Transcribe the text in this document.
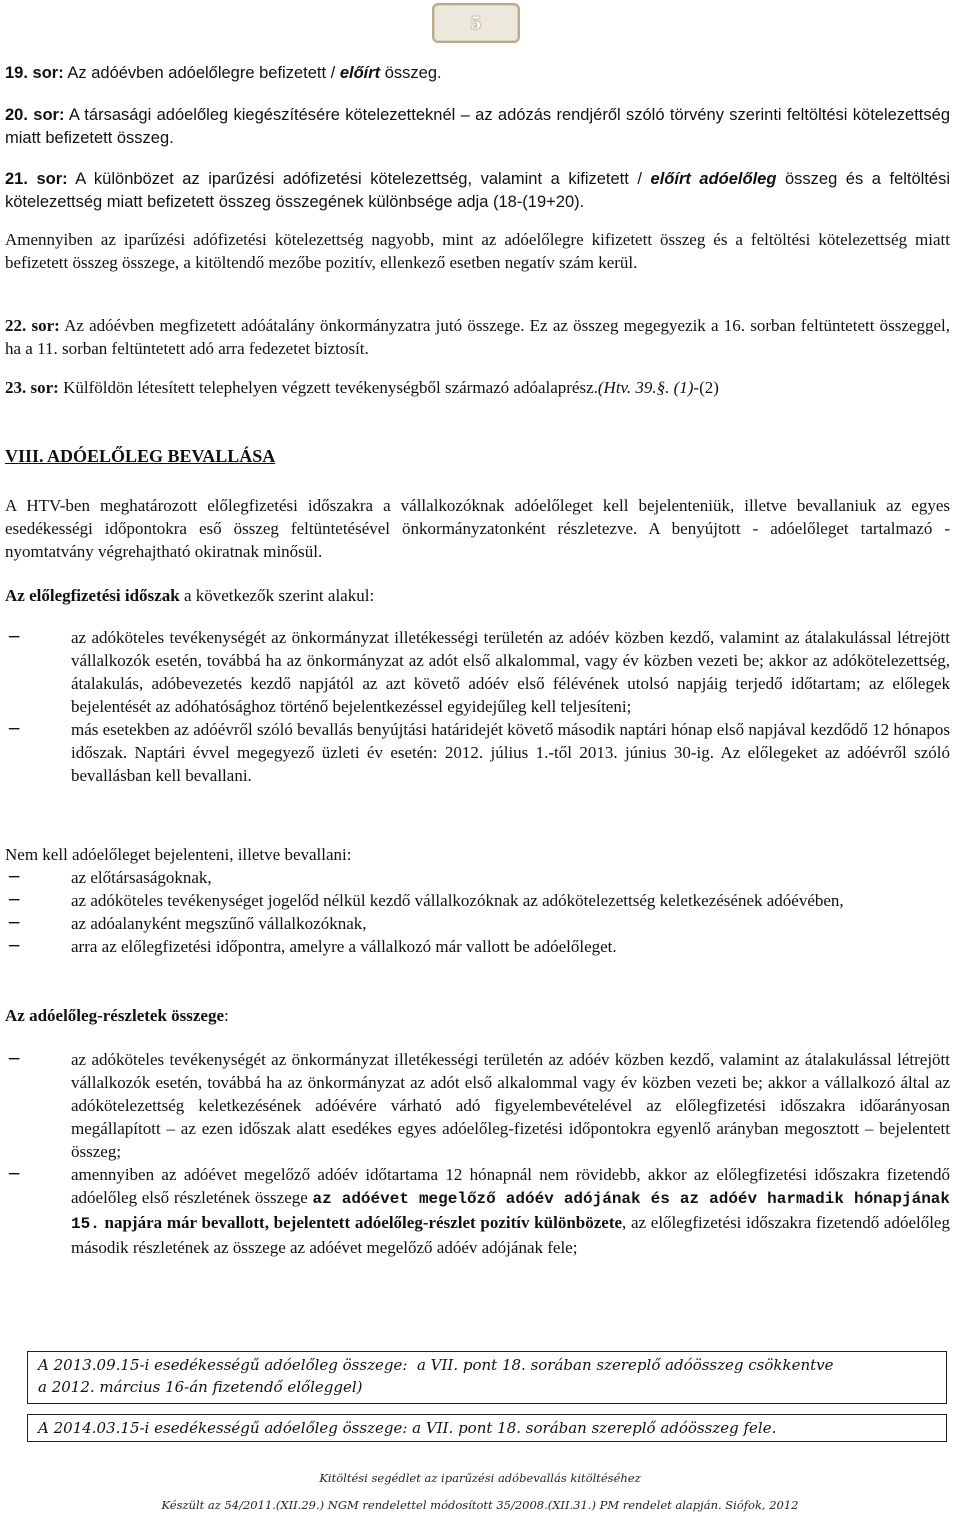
5

19. sor: Az adóévben adóelőlegre befizetett / előírt összeg.

20. sor: A társasági adóelőleg kiegészítésére kötelezetteknél – az adózás rendjéről szóló törvény szerinti feltöltési kötelezettség miatt befizetett összeg.

21. sor: A különbözet az iparűzési adófizetési kötelezettség, valamint a kifizetett / előírt adóelőleg összeg és a feltöltési kötelezettség miatt befizetett összeg összegének különbsége adja (18-(19+20).

Amennyiben az iparűzési adófizetési kötelezettség nagyobb, mint az adóelőlegre kifizetett összeg és a feltöltési kötelezettség miatt befizetett összeg összege, a kitöltendő mezőbe pozitív, ellenkező esetben negatív szám kerül.

22. sor: Az adóévben megfizetett adóátalány önkormányzatra jutó összege. Ez az összeg megegyezik a 16. sorban feltüntetett összeggel, ha a 11. sorban feltüntetett adó arra fedezetet biztosít.

23. sor: Külföldön létesített telephelyen végzett tevékenységből származó adóalaprész.(Htv. 39.§. (1)-(2)

VIII. ADÓELŐLEG BEVALLÁSA

A HTV-ben meghatározott előlegfizetési időszakra a vállalkozóknak adóelőleget kell bejelenteniük, illetve bevallaniuk az egyes esedékességi időpontokra eső összeg feltüntetésével önkormányzatonként részletezve. A benyújtott - adóelőleget tartalmazó - nyomtatvány végrehajtható okiratnak minősül.

Az előlegfizetési időszak a következők szerint alakul:

− az adóköteles tevékenységét az önkormányzat illetékességi területén az adóév közben kezdő, valamint az átalakulással létrejött vállalkozók esetén, továbbá ha az önkormányzat az adót első alkalommal, vagy év közben vezeti be; akkor az adókötelezettség, átalakulás, adóbevezetés kezdő napjától az azt követő adóév első félévének utolsó napjáig terjedő időtartam; az előlegek bejelentését az adóhatósághoz történő bejelentkezéssel egyidejűleg kell teljesíteni;
− más esetekben az adóévről szóló bevallás benyújtási határidejét követő második naptári hónap első napjával kezdődő 12 hónapos időszak. Naptári évvel megegyező üzleti év esetén: 2012. július 1.-től 2013. június 30-ig. Az előlegeket az adóévről szóló bevallásban kell bevallani.

Nem kell adóelőleget bejelenteni, illetve bevallani:

− az előtársaságoknak,
− az adóköteles tevékenységet jogelőd nélkül kezdő vállalkozóknak az adókötelezettség keletkezésének adóévében,
− az adóalanyként megszűnő vállalkozóknak,
− arra az előlegfizetési időpontra, amelyre a vállalkozó már vallott be adóelőleget.

Az adóelőleg-részletek összege:

− az adóköteles tevékenységét az önkormányzat illetékességi területén az adóév közben kezdő, valamint az átalakulással létrejött vállalkozók esetén, továbbá ha az önkormányzat az adót első alkalommal vagy év közben vezeti be; akkor a vállalkozó által az adókötelezettség keletkezésének adóévére várható adó figyelembevételével az előlegfizetési időszakra időarányosan megállapított – az ezen időszak alatt esedékes egyes adóelőleg-fizetési időpontokra egyenlő arányban megosztott – bejelentett összeg;
− amennyiben az adóévet megelőző adóév időtartama 12 hónapnál nem rövidebb, akkor az előlegfizetési időszakra fizetendő adóelőleg első részletének összege az adóévet megelőző adóév adójának és az adóév harmadik hónapjának 15. napjára már bevallott, bejelentett adóelőleg-részlet pozitív különbözete, az előlegfizetési időszakra fizetendő adóelőleg második részletének az összege az adóévet megelőző adóév adójának fele;
A 2013.09.15-i esedékességű adóelőleg összege: a VII. pont 18. sorában szereplő adóösszeg csökkentve
a 2012. március 16-án fizetendő előleggel)
A 2014.03.15-i esedékességű adóelőleg összege: a VII. pont 18. sorában szereplő adóösszeg fele.
Kitöltési segédlet az iparűzési adóbevallás kitöltéséhez
Készült az 54/2011.(XII.29.) NGM rendelettel módosított 35/2008.(XII.31.) PM rendelet alapján. Siófok, 2012
